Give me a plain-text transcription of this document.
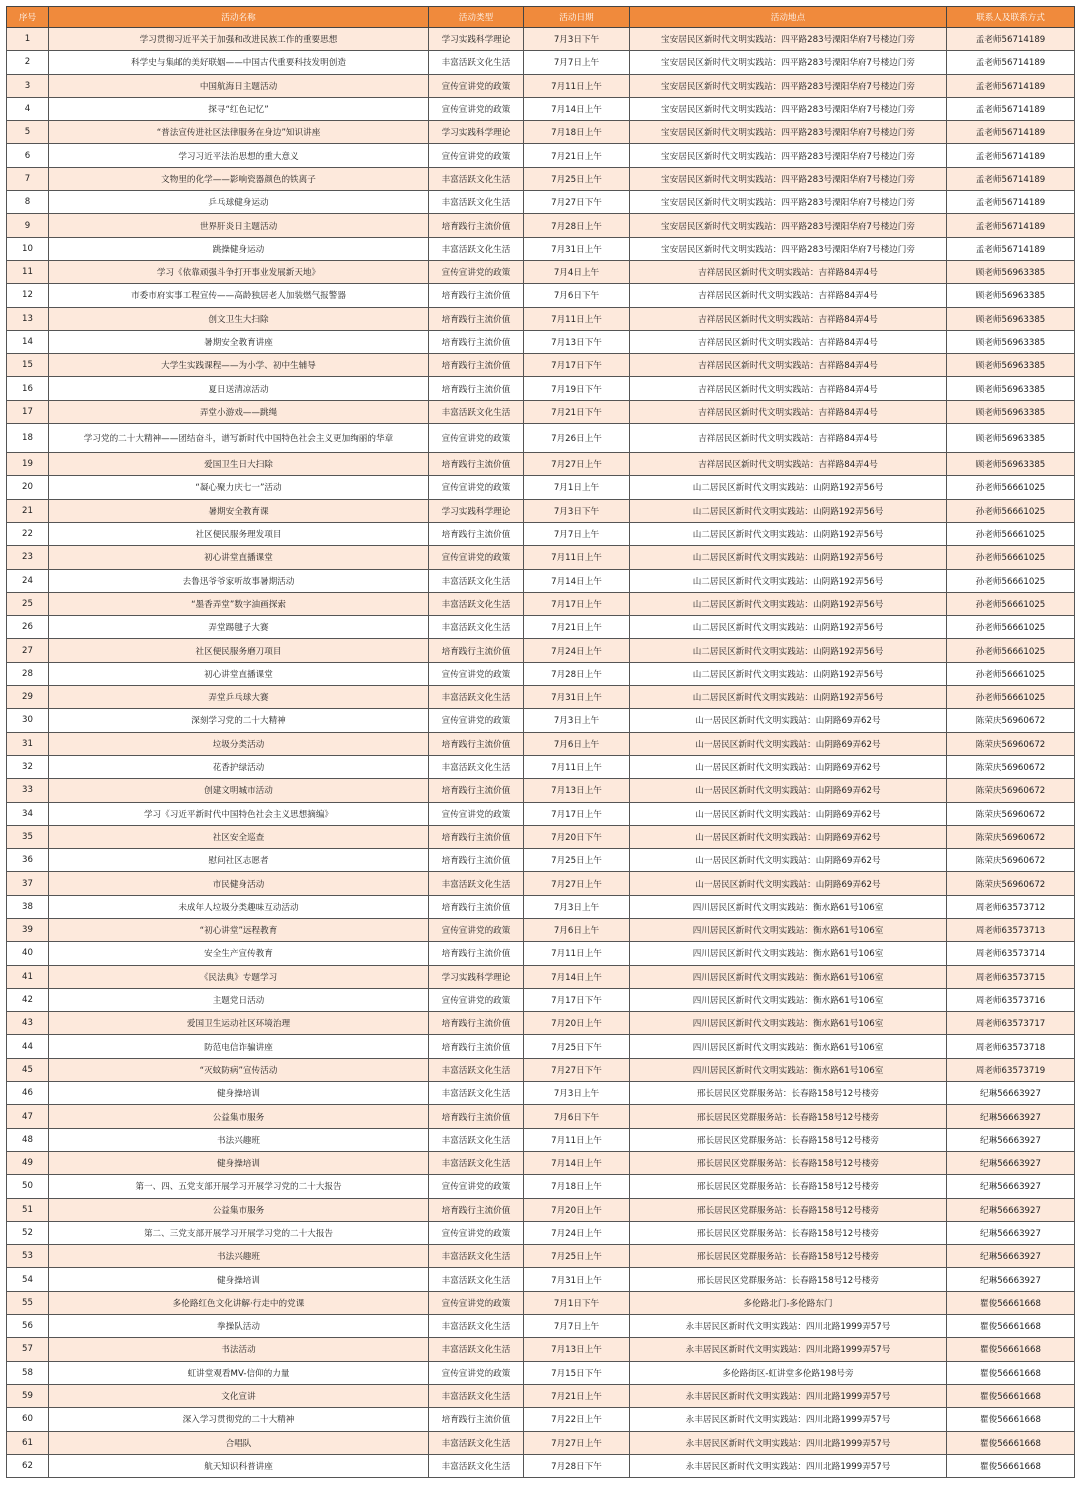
序号	活动名称	活动类型	活动日期	活动地点	联系人及联系方式
1	学习贯彻习近平关于加强和改进民族工作的重要思想	学习实践科学理论	7月3日下午	宝安居民区新时代文明实践站：四平路283号溧阳华府7号楼边门旁	孟老师56714189
2	科学史与集邮的美好联姻——中国古代重要科技发明创造	丰富活跃文化生活	7月7日上午	宝安居民区新时代文明实践站：四平路283号溧阳华府7号楼边门旁	孟老师56714189
3	中国航海日主题活动	宣传宣讲党的政策	7月11日上午	宝安居民区新时代文明实践站：四平路283号溧阳华府7号楼边门旁	孟老师56714189
4	探寻“红色记忆”	宣传宣讲党的政策	7月14日上午	宝安居民区新时代文明实践站：四平路283号溧阳华府7号楼边门旁	孟老师56714189
5	“普法宣传进社区法律服务在身边”知识讲座	学习实践科学理论	7月18日上午	宝安居民区新时代文明实践站：四平路283号溧阳华府7号楼边门旁	孟老师56714189
6	学习习近平法治思想的重大意义	宣传宣讲党的政策	7月21日上午	宝安居民区新时代文明实践站：四平路283号溧阳华府7号楼边门旁	孟老师56714189
7	文物里的化学——影响瓷器颜色的铁离子	丰富活跃文化生活	7月25日上午	宝安居民区新时代文明实践站：四平路283号溧阳华府7号楼边门旁	孟老师56714189
8	乒乓球健身运动	丰富活跃文化生活	7月27日下午	宝安居民区新时代文明实践站：四平路283号溧阳华府7号楼边门旁	孟老师56714189
9	世界肝炎日主题活动	培育践行主流价值	7月28日上午	宝安居民区新时代文明实践站：四平路283号溧阳华府7号楼边门旁	孟老师56714189
10	跳操健身运动	丰富活跃文化生活	7月31日上午	宝安居民区新时代文明实践站：四平路283号溧阳华府7号楼边门旁	孟老师56714189
11	学习《依靠顽强斗争打开事业发展新天地》	宣传宣讲党的政策	7月4日上午	吉祥居民区新时代文明实践站：吉祥路84弄4号	顾老师56963385
12	市委市府实事工程宣传——高龄独居老人加装燃气报警器	培育践行主流价值	7月6日下午	吉祥居民区新时代文明实践站：吉祥路84弄4号	顾老师56963385
13	创文卫生大扫除	培育践行主流价值	7月11日上午	吉祥居民区新时代文明实践站：吉祥路84弄4号	顾老师56963385
14	暑期安全教育讲座	培育践行主流价值	7月13日下午	吉祥居民区新时代文明实践站：吉祥路84弄4号	顾老师56963385
15	大学生实践课程——为小学、初中生辅导	培育践行主流价值	7月17日下午	吉祥居民区新时代文明实践站：吉祥路84弄4号	顾老师56963385
16	夏日送清凉活动	培育践行主流价值	7月19日下午	吉祥居民区新时代文明实践站：吉祥路84弄4号	顾老师56963385
17	弄堂小游戏——跳绳	丰富活跃文化生活	7月21日下午	吉祥居民区新时代文明实践站：吉祥路84弄4号	顾老师56963385
18	学习党的二十大精神——团结奋斗，谱写新时代中国特色社会主义更加绚丽的华章	宣传宣讲党的政策	7月26日上午	吉祥居民区新时代文明实践站：吉祥路84弄4号	顾老师56963385
19	爱国卫生日大扫除	培育践行主流价值	7月27日上午	吉祥居民区新时代文明实践站：吉祥路84弄4号	顾老师56963385
20	“凝心聚力庆七一”活动	宣传宣讲党的政策	7月1日上午	山二居民区新时代文明实践站：山阴路192弄56号	孙老师56661025
21	暑期安全教育课	学习实践科学理论	7月3日下午	山二居民区新时代文明实践站：山阴路192弄56号	孙老师56661025
22	社区便民服务理发项目	培育践行主流价值	7月7日上午	山二居民区新时代文明实践站：山阴路192弄56号	孙老师56661025
23	初心讲堂直播课堂	宣传宣讲党的政策	7月11日上午	山二居民区新时代文明实践站：山阴路192弄56号	孙老师56661025
24	去鲁迅爷爷家听故事暑期活动	丰富活跃文化生活	7月14日上午	山二居民区新时代文明实践站：山阴路192弄56号	孙老师56661025
25	“墨香弄堂”数字油画探索	丰富活跃文化生活	7月17日上午	山二居民区新时代文明实践站：山阴路192弄56号	孙老师56661025
26	弄堂踢毽子大赛	丰富活跃文化生活	7月21日上午	山二居民区新时代文明实践站：山阴路192弄56号	孙老师56661025
27	社区便民服务磨刀项目	培育践行主流价值	7月24日上午	山二居民区新时代文明实践站：山阴路192弄56号	孙老师56661025
28	初心讲堂直播课堂	宣传宣讲党的政策	7月28日上午	山二居民区新时代文明实践站：山阴路192弄56号	孙老师56661025
29	弄堂乒乓球大赛	丰富活跃文化生活	7月31日上午	山二居民区新时代文明实践站：山阴路192弄56号	孙老师56661025
30	深刻学习党的二十大精神	宣传宣讲党的政策	7月3日上午	山一居民区新时代文明实践站：山阴路69弄62号	陈荣庆56960672
31	垃圾分类活动	培育践行主流价值	7月6日上午	山一居民区新时代文明实践站：山阴路69弄62号	陈荣庆56960672
32	花香护绿活动	丰富活跃文化生活	7月11日上午	山一居民区新时代文明实践站：山阴路69弄62号	陈荣庆56960672
33	创建文明城市活动	培育践行主流价值	7月13日上午	山一居民区新时代文明实践站：山阴路69弄62号	陈荣庆56960672
34	学习《习近平新时代中国特色社会主义思想摘编》	宣传宣讲党的政策	7月17日上午	山一居民区新时代文明实践站：山阴路69弄62号	陈荣庆56960672
35	社区安全巡查	培育践行主流价值	7月20日下午	山一居民区新时代文明实践站：山阴路69弄62号	陈荣庆56960672
36	慰问社区志愿者	培育践行主流价值	7月25日上午	山一居民区新时代文明实践站：山阴路69弄62号	陈荣庆56960672
37	市民健身活动	丰富活跃文化生活	7月27日上午	山一居民区新时代文明实践站：山阴路69弄62号	陈荣庆56960672
38	未成年人垃圾分类趣味互动活动	培育践行主流价值	7月3日上午	四川居民区新时代文明实践站：衡水路61号106室	周老师63573712
39	“初心讲堂”远程教育	宣传宣讲党的政策	7月6日上午	四川居民区新时代文明实践站：衡水路61号106室	周老师63573713
40	安全生产宣传教育	培育践行主流价值	7月11日上午	四川居民区新时代文明实践站：衡水路61号106室	周老师63573714
41	《民法典》专题学习	学习实践科学理论	7月14日上午	四川居民区新时代文明实践站：衡水路61号106室	周老师63573715
42	主题党日活动	宣传宣讲党的政策	7月17日下午	四川居民区新时代文明实践站：衡水路61号106室	周老师63573716
43	爱国卫生运动社区环境治理	培育践行主流价值	7月20日上午	四川居民区新时代文明实践站：衡水路61号106室	周老师63573717
44	防范电信诈骗讲座	培育践行主流价值	7月25日下午	四川居民区新时代文明实践站：衡水路61号106室	周老师63573718
45	“灭蚊防病”宣传活动	丰富活跃文化生活	7月27日下午	四川居民区新时代文明实践站：衡水路61号106室	周老师63573719
46	健身操培训	丰富活跃文化生活	7月3日上午	邢长居民区党群服务站：长春路158号12号楼旁	纪琳56663927
47	公益集市服务	培育践行主流价值	7月6日下午	邢长居民区党群服务站：长春路158号12号楼旁	纪琳56663927
48	书法兴趣班	丰富活跃文化生活	7月11日上午	邢长居民区党群服务站：长春路158号12号楼旁	纪琳56663927
49	健身操培训	丰富活跃文化生活	7月14日上午	邢长居民区党群服务站：长春路158号12号楼旁	纪琳56663927
50	第一、四、五党支部开展学习开展学习党的二十大报告	宣传宣讲党的政策	7月18日上午	邢长居民区党群服务站：长春路158号12号楼旁	纪琳56663927
51	公益集市服务	培育践行主流价值	7月20日上午	邢长居民区党群服务站：长春路158号12号楼旁	纪琳56663927
52	第二、三党支部开展学习开展学习党的二十大报告	宣传宣讲党的政策	7月24日上午	邢长居民区党群服务站：长春路158号12号楼旁	纪琳56663927
53	书法兴趣班	丰富活跃文化生活	7月25日上午	邢长居民区党群服务站：长春路158号12号楼旁	纪琳56663927
54	健身操培训	丰富活跃文化生活	7月31日上午	邢长居民区党群服务站：长春路158号12号楼旁	纪琳56663927
55	多伦路红色文化讲解·行走中的党课	宣传宣讲党的政策	7月1日下午	多伦路北门-多伦路东门	瞿俊56661668
56	拳操队活动	丰富活跃文化生活	7月7日上午	永丰居民区新时代文明实践站：四川北路1999弄57号	瞿俊56661668
57	书法活动	丰富活跃文化生活	7月13日上午	永丰居民区新时代文明实践站：四川北路1999弄57号	瞿俊56661668
58	虹讲堂观看MV-信仰的力量	宣传宣讲党的政策	7月15日下午	多伦路街区-虹讲堂多伦路198号旁	瞿俊56661668
59	文化宣讲	丰富活跃文化生活	7月21日上午	永丰居民区新时代文明实践站：四川北路1999弄57号	瞿俊56661668
60	深入学习贯彻党的二十大精神	培育践行主流价值	7月22日上午	永丰居民区新时代文明实践站：四川北路1999弄57号	瞿俊56661668
61	合唱队	丰富活跃文化生活	7月27日上午	永丰居民区新时代文明实践站：四川北路1999弄57号	瞿俊56661668
62	航天知识科普讲座	丰富活跃文化生活	7月28日下午	永丰居民区新时代文明实践站：四川北路1999弄57号	瞿俊56661668
